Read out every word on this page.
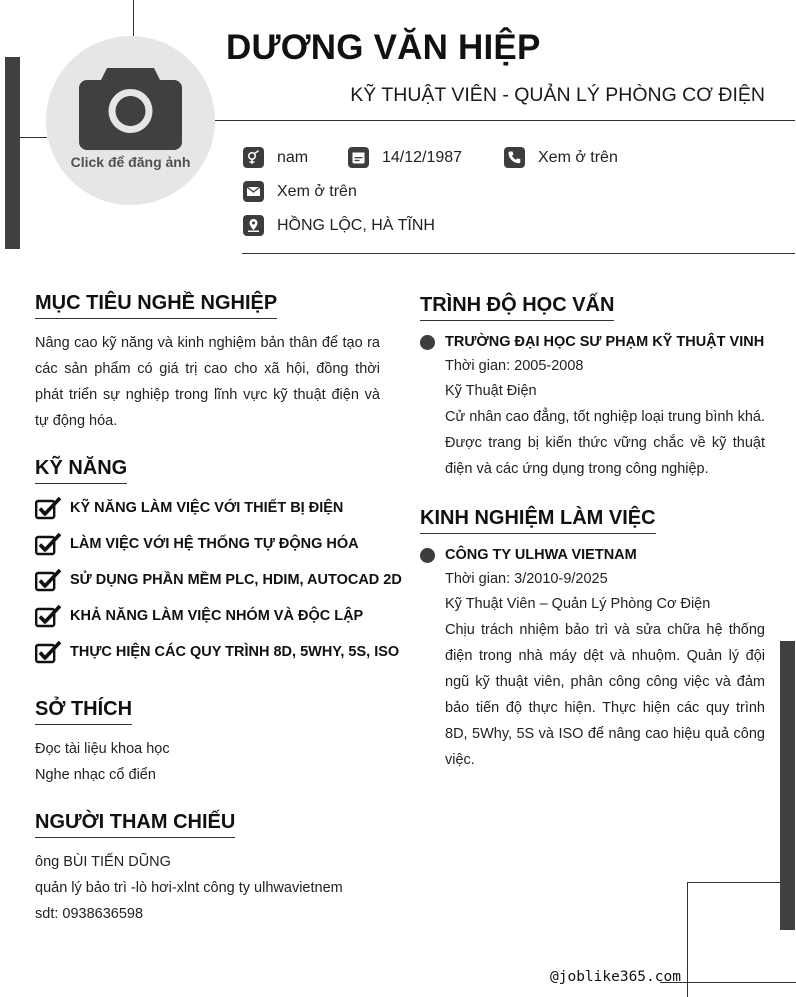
Click để đăng ảnh
DƯƠNG VĂN HIỆP
KỸ THUẬT VIÊN - QUẢN LÝ PHÒNG CƠ ĐIỆN
nam	14/12/1987	Xem ở trên
Xem ở trên
HỒNG LỘC, HÀ TĨNH
MỤC TIÊU NGHỀ NGHIỆP
Nâng cao kỹ năng và kinh nghiệm bản thân để tạo ra các sản phẩm có giá trị cao cho xã hội, đồng thời phát triển sự nghiệp trong lĩnh vực kỹ thuật điện và tự động hóa.
KỸ NĂNG
KỸ NĂNG LÀM VIỆC VỚI THIẾT BỊ ĐIỆN
LÀM VIỆC VỚI HỆ THỐNG TỰ ĐỘNG HÓA
SỬ DỤNG PHẦN MỀM PLC, HDIM, AUTOCAD 2D
KHẢ NĂNG LÀM VIỆC NHÓM VÀ ĐỘC LẬP
THỰC HIỆN CÁC QUY TRÌNH 8D, 5WHY, 5S, ISO
SỞ THÍCH
Đọc tài liệu khoa học
Nghe nhạc cổ điển
NGƯỜI THAM CHIẾU
ông BÙI TIẾN DŨNG
quản lý bảo trì -lò hơi-xlnt công ty ulhwavietnem
sdt: 0938636598
TRÌNH ĐỘ HỌC VẤN
TRƯỜNG ĐẠI HỌC SƯ PHẠM KỸ THUẬT VINH
Thời gian: 2005-2008
Kỹ Thuật Điện
Cử nhân cao đẳng, tốt nghiệp loại trung bình khá. Được trang bị kiến thức vững chắc về kỹ thuật điện và các ứng dụng trong công nghiệp.
KINH NGHIỆM LÀM VIỆC
CÔNG TY ULHWA VIETNAM
Thời gian: 3/2010-9/2025
Kỹ Thuật Viên – Quản Lý Phòng Cơ Điện
Chịu trách nhiệm bảo trì và sửa chữa hệ thống điện trong nhà máy dệt và nhuộm. Quản lý đội ngũ kỹ thuật viên, phân công công việc và đảm bảo tiến độ thực hiện. Thực hiện các quy trình 8D, 5Why, 5S và ISO để nâng cao hiệu quả công việc.
@joblike365.com
